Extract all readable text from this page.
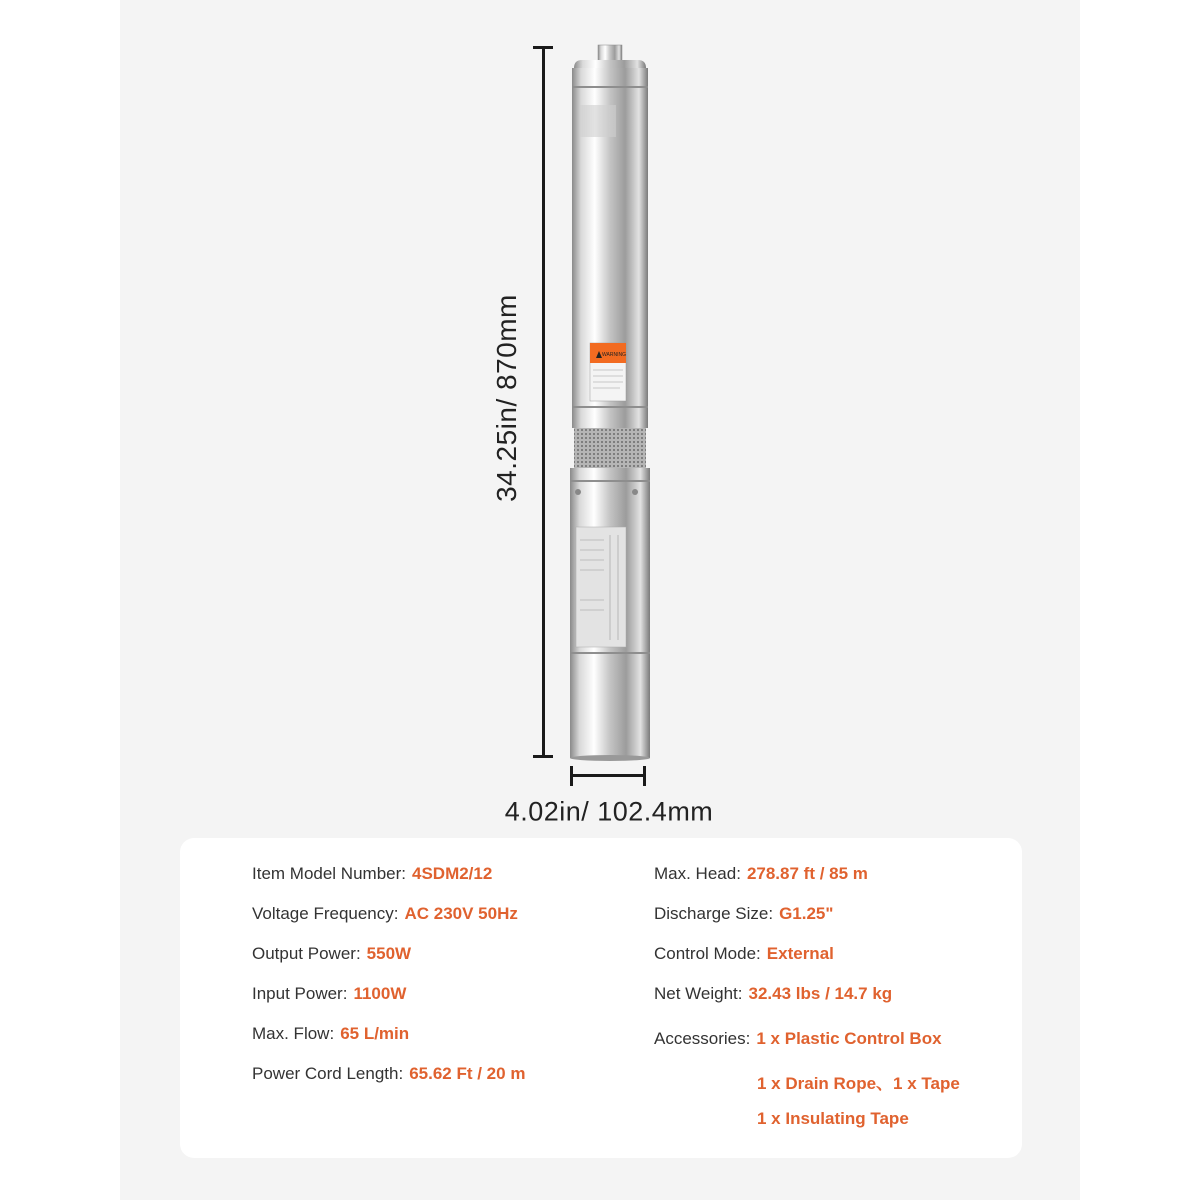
34.25in/ 870mm	WARNING
4.02in/ 102.4mm
Item Model Number: 4SDM2/12
Voltage Frequency: AC 230V 50Hz
Output Power: 550W
Input Power: 1100W
Max. Flow: 65 L/min
Power Cord Length: 65.62 Ft / 20 m
Max. Head: 278.87 ft / 85 m
Discharge Size: G1.25"
Control Mode: External
Net Weight: 32.43 lbs / 14.7 kg
Accessories: 1 x Plastic Control Box
1 x Drain Rope、1 x Tape
1 x Insulating Tape
